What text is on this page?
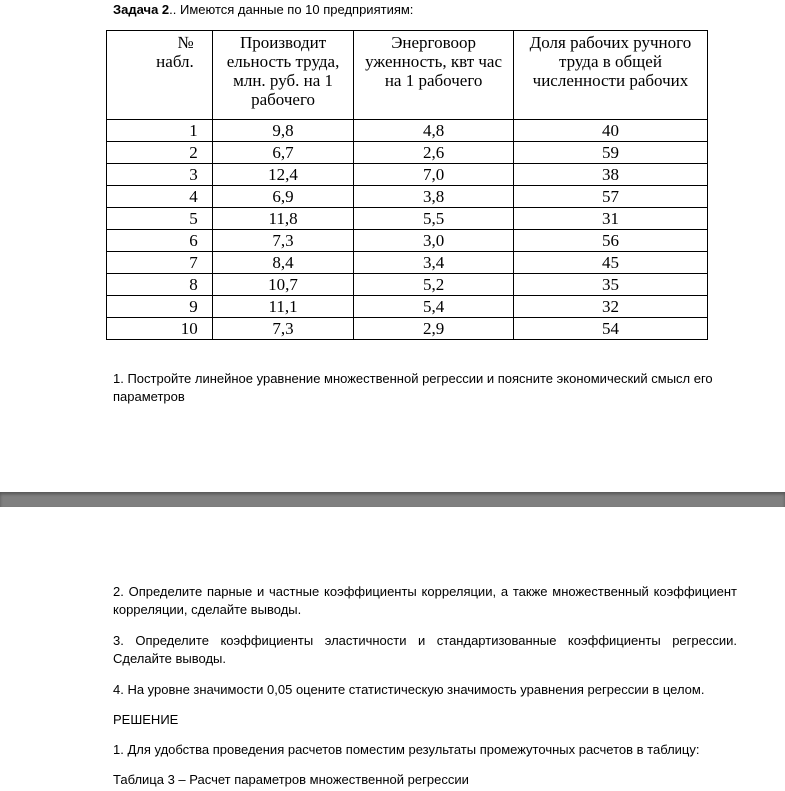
Задача 2.. Имеются данные по 10 предприятиям:
№
набл.	Производит ельность труда, млн. руб. на 1 рабочего	Энерговоор уженность, квт час на 1 рабочего	Доля рабочих ручного труда в общей численности рабочих
1	9,8	4,8	40
2	6,7	2,6	59
3	12,4	7,0	38
4	6,9	3,8	57
5	11,8	5,5	31
6	7,3	3,0	56
7	8,4	3,4	45
8	10,7	5,2	35
9	11,1	5,4	32
10	7,3	2,9	54
1. Постройте линейное уравнение множественной регрессии и поясните экономический смысл его параметров
2. Определите парные и частные коэффициенты корреляции, а также множественный коэффициент корреляции, сделайте выводы.
3. Определите коэффициенты эластичности и стандартизованные коэффициенты регрессии. Сделайте выводы.
4. На уровне значимости 0,05 оцените статистическую значимость уравнения регрессии в целом.
РЕШЕНИЕ
1. Для удобства проведения расчетов поместим результаты промежуточных расчетов в таблицу:
Таблица 3 – Расчет параметров множественной регрессии
